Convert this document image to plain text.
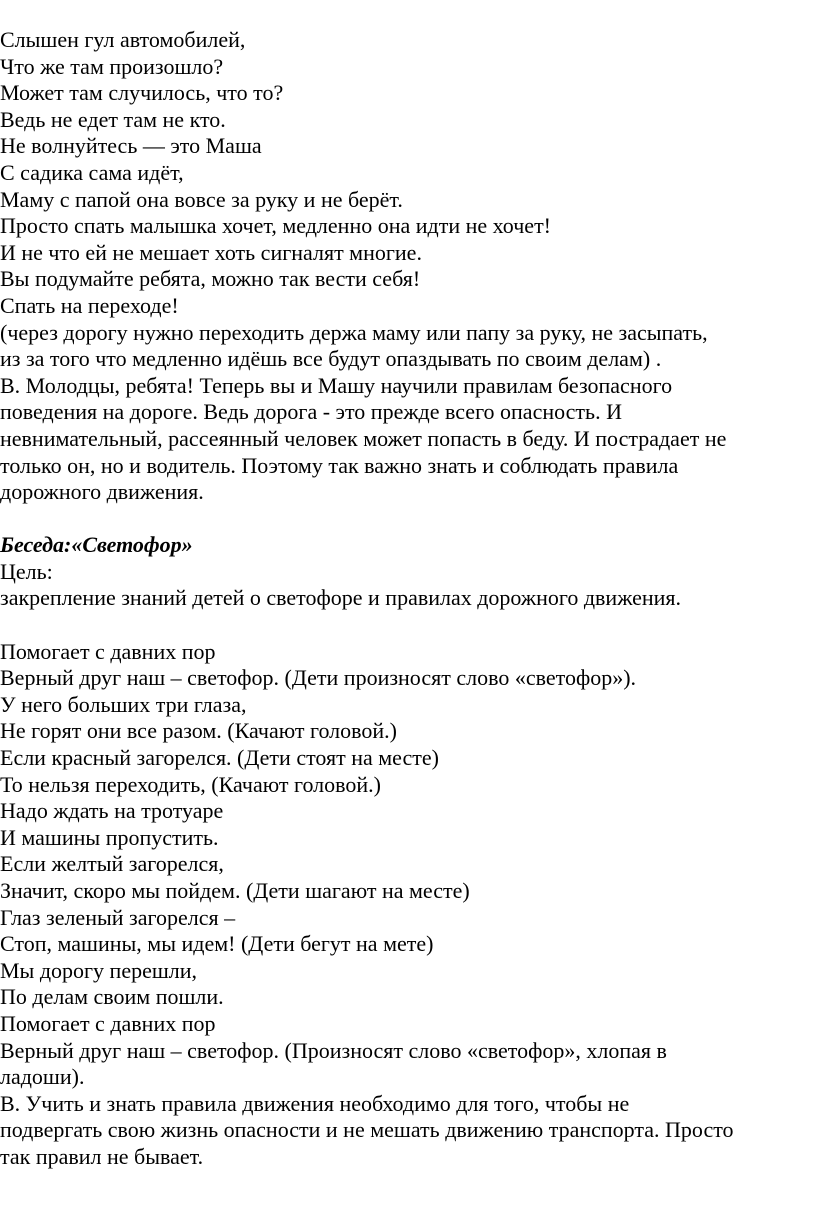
Слышен гул автомобилей,
Что же там произошло?
Может там случилось, что то?
Ведь не едет там не кто.
Не волнуйтесь — это Маша
С садика сама идёт,
Маму с папой она вовсе за руку и не берёт.
Просто спать малышка хочет, медленно она идти не хочет!
И не что ей не мешает хоть сигналят многие.
Вы подумайте ребята, можно так вести себя!
Спать на переходе!
(через дорогу нужно переходить держа маму или папу за руку, не засыпать,
из за того что медленно идёшь все будут опаздывать по своим делам) .
В. Молодцы, ребята! Теперь вы и Машу научили правилам безопасного
поведения на дороге. Ведь дорога - это прежде всего опасность. И
невнимательный, рассеянный человек может попасть в беду. И пострадает не
только он, но и водитель. Поэтому так важно знать и соблюдать правила
дорожного движения.
Беседа:«Светофор»
Цель:
закрепление знаний детей о светофоре и правилах дорожного движения.
Помогает с давних пор
Верный друг наш – светофор. (Дети произносят слово «светофор»).
У него больших три глаза,
Не горят они все разом. (Качают головой.)
Если красный загорелся. (Дети стоят на месте)
То нельзя переходить, (Качают головой.)
Надо ждать на тротуаре
И машины пропустить.
Если желтый загорелся,
Значит, скоро мы пойдем. (Дети шагают на месте)
Глаз зеленый загорелся –
Стоп, машины, мы идем! (Дети бегут на мете)
Мы дорогу перешли,
По делам своим пошли.
Помогает с давних пор
Верный друг наш – светофор. (Произносят слово «светофор», хлопая в
ладоши).
В. Учить и знать правила движения необходимо для того, чтобы не
подвергать свою жизнь опасности и не мешать движению транспорта. Просто
так правил не бывает.
